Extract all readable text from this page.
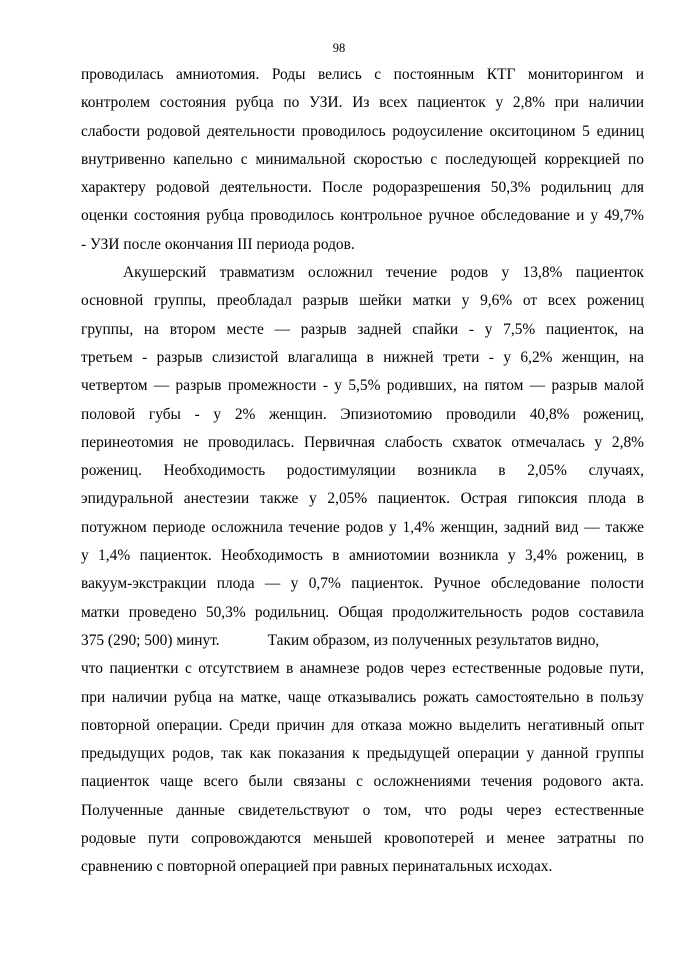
98
проводилась амниотомия. Роды велись с постоянным КТГ мониторингом и
контролем состояния рубца по УЗИ. Из всех пациенток у 2,8% при наличии
слабости родовой деятельности проводилось родоусиление окситоцином 5 единиц
внутривенно капельно с минимальной скоростью с последующей коррекцией по
характеру родовой деятельности. После родоразрешения 50,3% родильниц для
оценки состояния рубца проводилось контрольное ручное обследование и у 49,7%
- УЗИ после окончания III периода родов.
Акушерский травматизм осложнил течение родов у 13,8% пациенток
основной группы, преобладал разрыв шейки матки у 9,6% от всех рожениц
группы, на втором месте — разрыв задней спайки - у 7,5% пациенток, на
третьем - разрыв слизистой влагалища в нижней трети - у 6,2% женщин, на
четвертом — разрыв промежности - у 5,5% родивших, на пятом — разрыв малой
половой губы - у 2% женщин. Эпизиотомию проводили 40,8% рожениц,
перинеотомия не проводилась. Первичная слабость схваток отмечалась у 2,8%
рожениц. Необходимость родостимуляции возникла в 2,05% случаях,
эпидуральной анестезии также у 2,05% пациенток. Острая гипоксия плода в
потужном периоде осложнила течение родов у 1,4% женщин, задний вид — также
у 1,4% пациенток. Необходимость в амниотомии возникла у 3,4% рожениц, в
вакуум-экстракции плода — у 0,7% пациенток. Ручное обследование полости
матки проведено 50,3% родильниц. Общая продолжительность родов составила
375 (290; 500) минут.	Таким образом, из полученных результатов видно,
что пациентки с отсутствием в анамнезе родов через естественные родовые пути,
при наличии рубца на матке, чаще отказывались рожать самостоятельно в пользу
повторной операции. Среди причин для отказа можно выделить негативный опыт
предыдущих родов, так как показания к предыдущей операции у данной группы
пациенток чаще всего были связаны с осложнениями течения родового акта.
Полученные данные свидетельствуют о том, что роды через естественные
родовые пути сопровождаются меньшей кровопотерей и менее затратны по
сравнению с повторной операцией при равных перинатальных исходах.
